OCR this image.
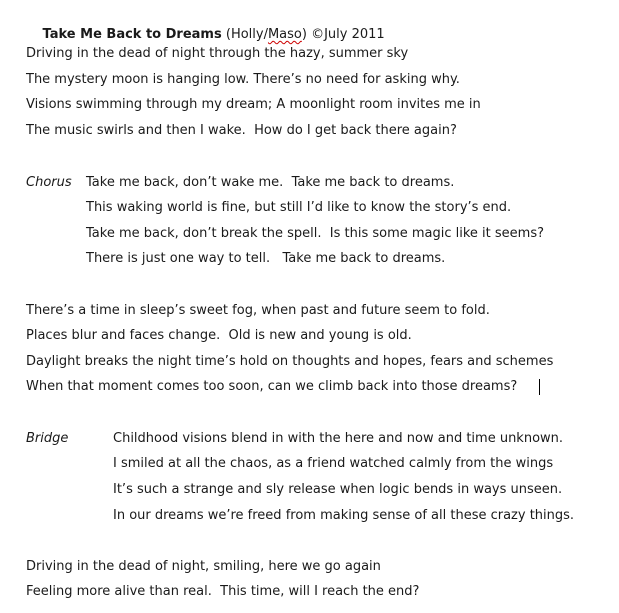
Take Me Back to Dreams (Holly/Maso) ©July 2011

Driving in the dead of night through the hazy, summer sky
The mystery moon is hanging low. There’s no need for asking why.
Visions swimming through my dream; A moonlight room invites me in
The music swirls and then I wake.  How do I get back there again?
Chorus Take me back, don’t wake me.  Take me back to dreams.
This waking world is fine, but still I’d like to know the story’s end.
Take me back, don’t break the spell.  Is this some magic like it seems?
There is just one way to tell.   Take me back to dreams.
There’s a time in sleep’s sweet fog, when past and future seem to fold.
Places blur and faces change.  Old is new and young is old.
Daylight breaks the night time’s hold on thoughts and hopes, fears and schemes
When that moment comes too soon, can we climb back into those dreams?
Bridge	Childhood visions blend in with the here and now and time unknown.
I smiled at all the chaos, as a friend watched calmly from the wings
It’s such a strange and sly release when logic bends in ways unseen.
In our dreams we’re freed from making sense of all these crazy things.
Driving in the dead of night, smiling, here we go again
Feeling more alive than real.  This time, will I reach the end?
